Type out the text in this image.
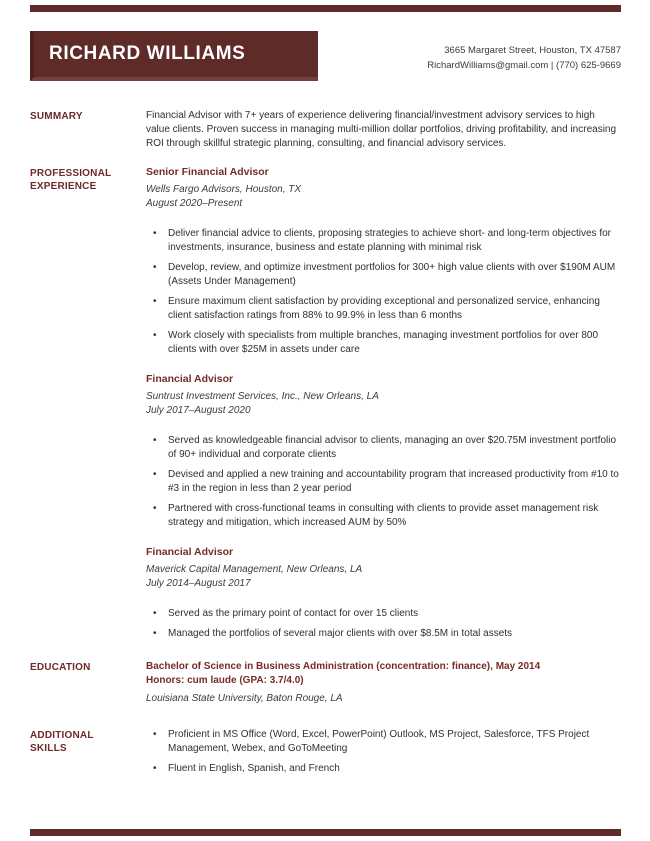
RICHARD WILLIAMS	3665 Margaret Street, Houston, TX 47587
RichardWilliams@gmail.com | (770) 625-9669
SUMMARY	Financial Advisor with 7+ years of experience delivering financial/investment advisory services to high value clients. Proven success in managing multi-million dollar portfolios, driving profitability, and increasing ROI through skillful strategic planning, consulting, and financial advisory services.

PROFESSIONAL EXPERIENCE
Senior Financial Advisor
Wells Fargo Advisors, Houston, TX
August 2020–Present
• Deliver financial advice to clients, proposing strategies to achieve short- and long-term objectives for investments, insurance, business and estate planning with minimal risk
• Develop, review, and optimize investment portfolios for 300+ high value clients with over $190M AUM (Assets Under Management)
• Ensure maximum client satisfaction by providing exceptional and personalized service, enhancing client satisfaction ratings from 88% to 99.9% in less than 6 months
• Work closely with specialists from multiple branches, managing investment portfolios for over 800 clients with over $25M in assets under care
Financial Advisor
Suntrust Investment Services, Inc., New Orleans, LA
July 2017–August 2020
• Served as knowledgeable financial advisor to clients, managing an over $20.75M investment portfolio of 90+ individual and corporate clients
• Devised and applied a new training and accountability program that increased productivity from #10 to #3 in the region in less than 2 year period
• Partnered with cross-functional teams in consulting with clients to provide asset management risk strategy and mitigation, which increased AUM by 50%
Financial Advisor
Maverick Capital Management, New Orleans, LA
July 2014–August 2017
• Served as the primary point of contact for over 15 clients
• Managed the portfolios of several major clients with over $8.5M in total assets
EDUCATION	Bachelor of Science in Business Administration (concentration: finance), May 2014
Honors: cum laude (GPA: 3.7/4.0)
Louisiana State University, Baton Rouge, LA
ADDITIONAL SKILLS
• Proficient in MS Office (Word, Excel, PowerPoint) Outlook, MS Project, Salesforce, TFS Project Management, Webex, and GoToMeeting
• Fluent in English, Spanish, and French
